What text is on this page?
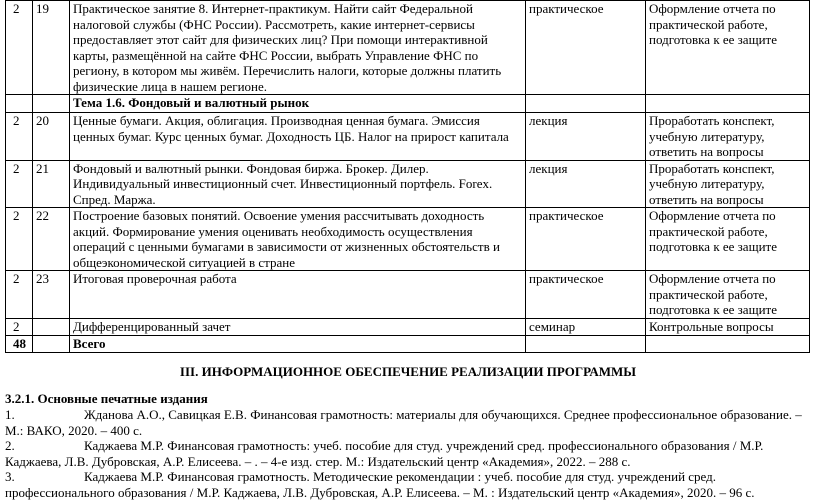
2	19	Практическое занятие 8. Интернет-практикум. Найти сайт Федеральной налоговой службы (ФНС России). Рассмотреть, какие интернет-сервисы предоставляет этот сайт для физических лиц? При помощи интерактивной карты, размещённой на сайте ФНС России, выбрать Управление ФНС по региону, в котором мы живём. Перечислить налоги, которые должны платить физические лица в нашем регионе.	практическое	Оформление отчета по практической работе, подготовка к ее защите
		Тема 1.6. Фондовый и валютный рынок		
2	20	Ценные бумаги. Акция, облигация. Производная ценная бумага. Эмиссия ценных бумаг. Курс ценных бумаг. Доходность ЦБ. Налог на прирост капитала	лекция	Проработать конспект, учебную литературу, ответить на вопросы
2	21	Фондовый и валютный рынки. Фондовая биржа. Брокер. Дилер. Индивидуальный инвестиционный счет. Инвестиционный портфель. Forex. Спред. Маржа.	лекция	Проработать конспект, учебную литературу, ответить на вопросы
2	22	Построение базовых понятий. Освоение умения рассчитывать доходность акций. Формирование умения оценивать необходимость осуществления операций с ценными бумагами в зависимости от жизненных обстоятельств и общеэкономической ситуацией в стране	практическое	Оформление отчета по практической работе, подготовка к ее защите
2	23	Итоговая проверочная работа	практическое	Оформление отчета по практической работе, подготовка к ее защите
2		Дифференцированный зачет	семинар	Контрольные вопросы
48		Всего		
III. ИНФОРМАЦИОННОЕ ОБЕСПЕЧЕНИЕ РЕАЛИЗАЦИИ ПРОГРАММЫ
3.2.1. Основные печатные издания
1.	Жданова А.О., Савицкая Е.В. Финансовая грамотность: материалы для обучающихся. Среднее профессиональное образование. – М.: ВАКО, 2020. – 400 с.
2.	Каджаева М.Р. Финансовая грамотность: учеб. пособие для студ. учреждений сред. профессионального образования / М.Р. Каджаева, Л.В. Дубровская, А.Р. Елисеева. – . – 4-е изд. стер. М.: Издательский центр «Академия», 2022. – 288 с.
3.	Каджаева М.Р. Финансовая грамотность. Методические рекомендации : учеб. пособие для студ. учреждений сред. профессионального образования / М.Р. Каджаева, Л.В. Дубровская, А.Р. Елисеева. – М. : Издательский центр «Академия», 2020. – 96 с.
